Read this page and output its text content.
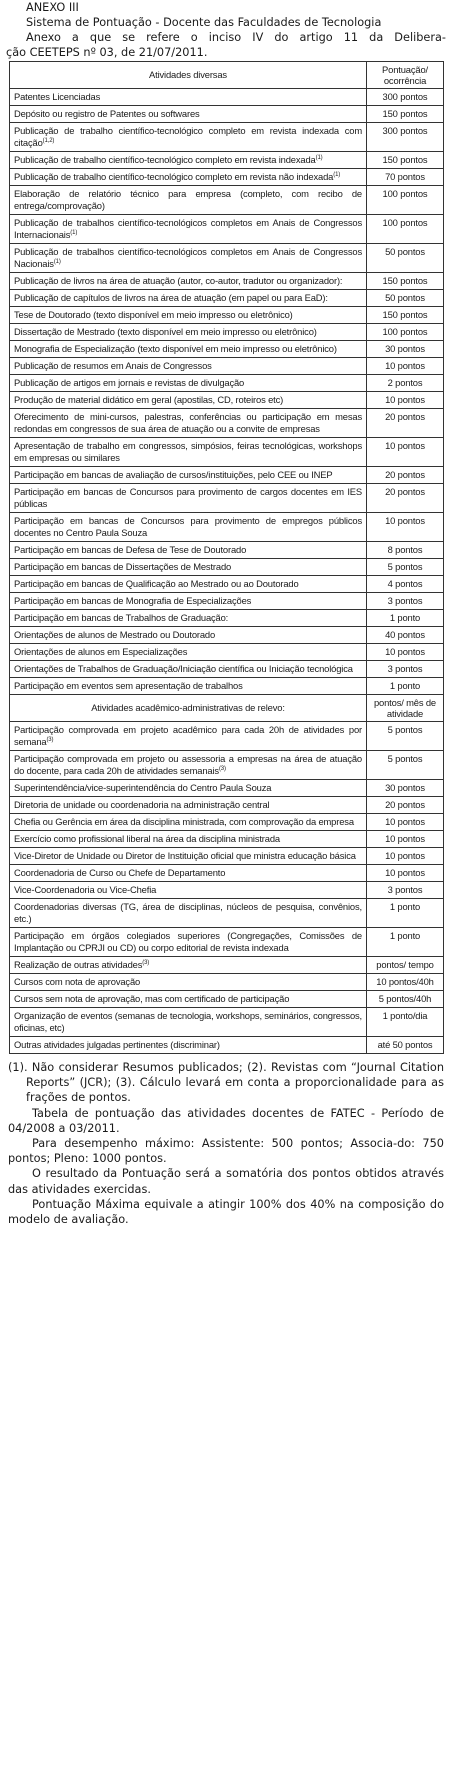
ANEXO III
Sistema de Pontuação - Docente das Faculdades de Tecnologia
Anexo a que se refere o inciso IV do artigo 11 da Delibera-
ção CEETEPS nº 03, de 21/07/2011.
Atividades diversas	Pontuação/ ocorrência
Patentes Licenciadas	300 pontos
Depósito ou registro de Patentes ou softwares	150 pontos
Publicação de trabalho científico-tecnológico completo em revista indexada com citação$^{(1,2)}$	300 pontos
Publicação de trabalho científico-tecnológico completo em revista indexada$^{(1)}$	150 pontos
Publicação de trabalho científico-tecnológico completo em revista não indexada$^{(1)}$	70 pontos
Elaboração de relatório técnico para empresa (completo, com recibo de entrega/comprovação)	100 pontos
Publicação de trabalhos científico-tecnológicos completos em Anais de Congressos Internacionais$^{(1)}$	100 pontos
Publicação de trabalhos científico-tecnológicos completos em Anais de Congressos Nacionais$^{(1)}$	50 pontos
Publicação de livros na área de atuação (autor, co-autor, tradutor ou organizador):	150 pontos
Publicação de capítulos de livros na área de atuação (em papel ou para EaD):	50 pontos
Tese de Doutorado (texto disponível em meio impresso ou eletrônico)	150 pontos
Dissertação de Mestrado (texto disponível em meio impresso ou eletrônico)	100 pontos
Monografia de Especialização (texto disponível em meio impresso ou eletrônico)	30 pontos
Publicação de resumos em Anais de Congressos	10 pontos
Publicação de artigos em jornais e revistas de divulgação	2 pontos
Produção de material didático em geral (apostilas, CD, roteiros etc)	10 pontos
Oferecimento de mini-cursos, palestras, conferências ou participação em mesas redondas em congressos de sua área de atuação ou a convite de empresas	20 pontos
Apresentação de trabalho em congressos, simpósios, feiras tecnológicas, workshops em empresas ou similares	10 pontos
Participação em bancas de avaliação de cursos/instituições, pelo CEE ou INEP	20 pontos
Participação em bancas de Concursos para provimento de cargos docentes em IES públicas	20 pontos
Participação em bancas de Concursos para provimento de empregos públicos docentes no Centro Paula Souza	10 pontos
Participação em bancas de Defesa de Tese de Doutorado	8 pontos
Participação em bancas de Dissertações de Mestrado	5 pontos
Participação em bancas de Qualificação ao Mestrado ou ao Doutorado	4 pontos
Participação em bancas de Monografia de Especializações	3 pontos
Participação em bancas de Trabalhos de Graduação:	1 ponto
Orientações de alunos de Mestrado ou Doutorado	40 pontos
Orientações de alunos em Especializações	10 pontos
Orientações de Trabalhos de Graduação/Iniciação científica ou Iniciação tecnológica	3 pontos
Participação em eventos sem apresentação de trabalhos	1 ponto
Atividades acadêmico-administrativas de relevo:	pontos/ mês de atividade
Participação comprovada em projeto acadêmico para cada 20h de atividades por semana$^{(3)}$	5 pontos
Participação comprovada em projeto ou assessoria a empresas na área de atuação do docente, para cada 20h de atividades semanais$^{(3)}$	5 pontos
Superintendência/vice-superintendência do Centro Paula Souza	30 pontos
Diretoria de unidade ou coordenadoria na administração central	20 pontos
Chefia ou Gerência em área da disciplina ministrada, com comprovação da empresa	10 pontos
Exercício como profissional liberal na área da disciplina ministrada	10 pontos
Vice-Diretor de Unidade ou Diretor de Instituição oficial que ministra educação básica	10 pontos
Coordenadoria de Curso ou Chefe de Departamento	10 pontos
Vice-Coordenadoria ou Vice-Chefia	3 pontos
Coordenadorias diversas (TG, área de disciplinas, núcleos de pesquisa, convênios, etc.)	1 ponto
Participação em órgãos colegiados superiores (Congregações, Comissões de Implantação ou CPRJI ou CD) ou corpo editorial de revista indexada	1 ponto
Realização de outras atividades$^{(3)}$	pontos/ tempo
Cursos com nota de aprovação	10 pontos/40h
Cursos sem nota de aprovação, mas com certificado de participação	5 pontos/40h
Organização de eventos (semanas de tecnologia, workshops, seminários, congressos, oficinas, etc)	1 ponto/dia
Outras atividades julgadas pertinentes (discriminar)	até 50 pontos

(1). Não considerar Resumos publicados; (2). Revistas com “Journal Citation Reports” (JCR); (3). Cálculo levará em conta a proporcionalidade para as frações de pontos.

Tabela de pontuação das atividades docentes de FATEC - Período de 04/2008 a 03/2011.

Para desempenho máximo: Assistente: 500 pontos; Associa-do: 750 pontos; Pleno: 1000 pontos.

O resultado da Pontuação será a somatória dos pontos obtidos através das atividades exercidas.

Pontuação Máxima equivale a atingir 100% dos 40% na composição do modelo de avaliação.
